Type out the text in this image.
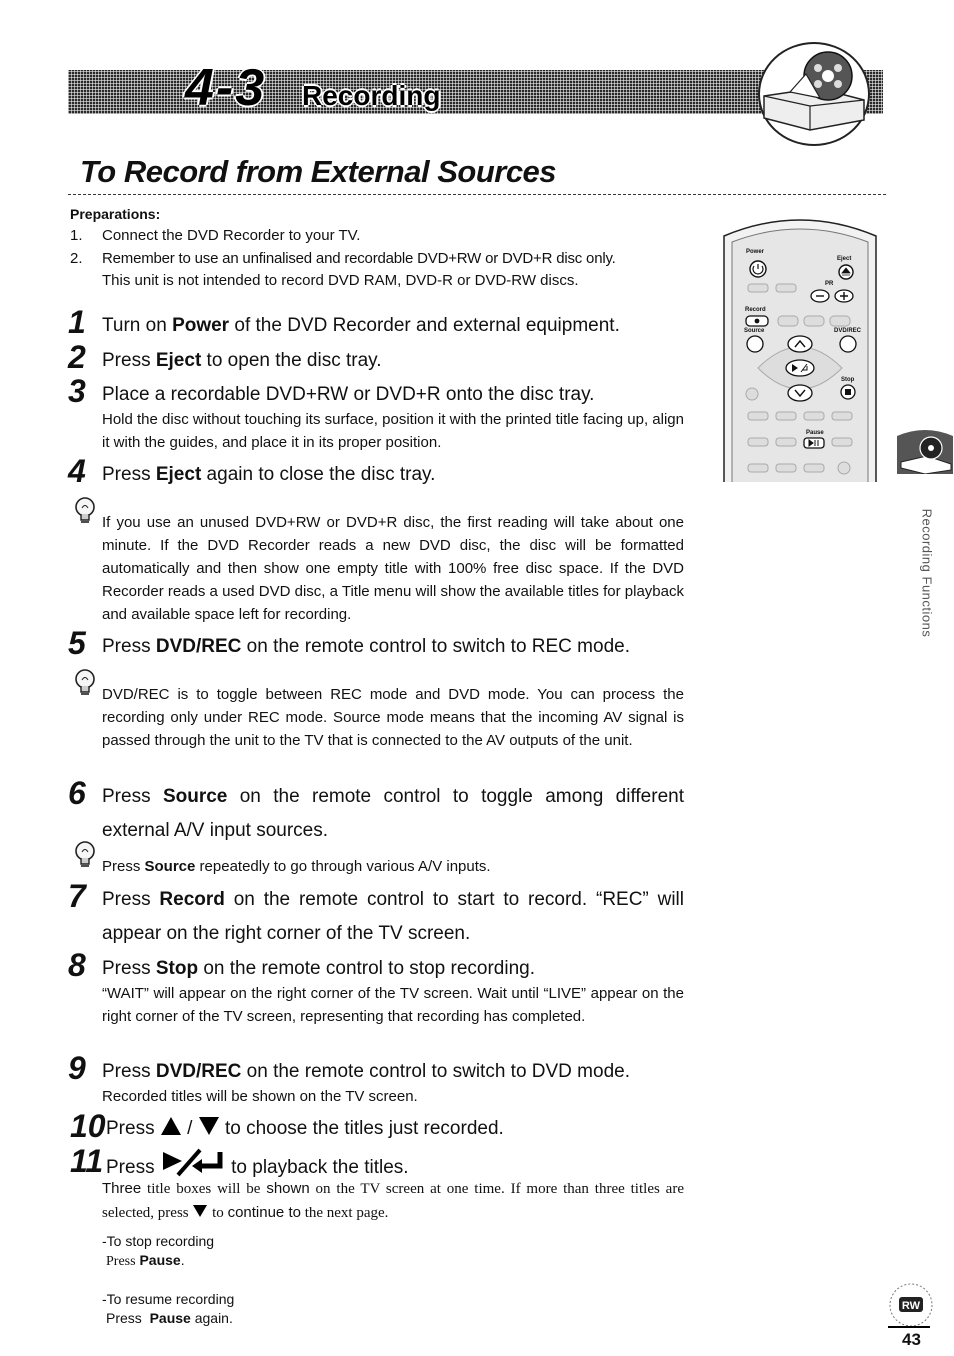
4-3 Recording
To Record from External Sources
Preparations:
1. Connect the DVD Recorder to your TV.
2. Remember to use an unfinalised and recordable DVD+RW or DVD+R disc only.
This unit is not intended to record DVD RAM, DVD-R or DVD-RW discs.
1 Turn on Power of the DVD Recorder and external equipment.
2 Press Eject to open the disc tray.
3 Place a recordable DVD+RW or DVD+R onto the disc tray.
Hold the disc without touching its surface, position it with the printed title facing up, align it with the guides, and place it in its proper position.
4 Press Eject again to close the disc tray.
If you use an unused DVD+RW or DVD+R disc, the first reading will take about one minute. If the DVD Recorder reads a new DVD disc, the disc will be formatted automatically and then show one empty title with 100% free disc space. If the DVD Recorder reads a used DVD disc, a Title menu will show the available titles for playback and available space left for recording.
5 Press DVD/REC on the remote control to switch to REC mode.
DVD/REC is to toggle between REC mode and DVD mode. You can process the recording only under REC mode. Source mode means that the incoming AV signal is passed through the unit to the TV that is connected to the AV outputs of the unit.
6 Press Source on the remote control to toggle among different external A/V input sources.
Press Source repeatedly to go through various A/V inputs.
7 Press Record on the remote control to start to record. “REC” will appear on the right corner of the TV screen.
8 Press Stop on the remote control to stop recording.
“WAIT” will appear on the right corner of the TV screen. Wait until “LIVE” appear on the right corner of the TV screen, representing that recording has completed.
9 Press DVD/REC on the remote control to switch to DVD mode.
Recorded titles will be shown on the TV screen.
10 Press  /  to choose the titles just recorded.
11 Press	to playback the titles.
Three title boxes will be shown on the TV screen at one time. If more than three titles are selected, press  to continue to the next page.
-To stop recording
Press Pause.
-To resume recording
Press Pause again.
Power
Eject
PR
Record
Source	DVD/REC
Stop
Pause
Recording Functions
RW
43
